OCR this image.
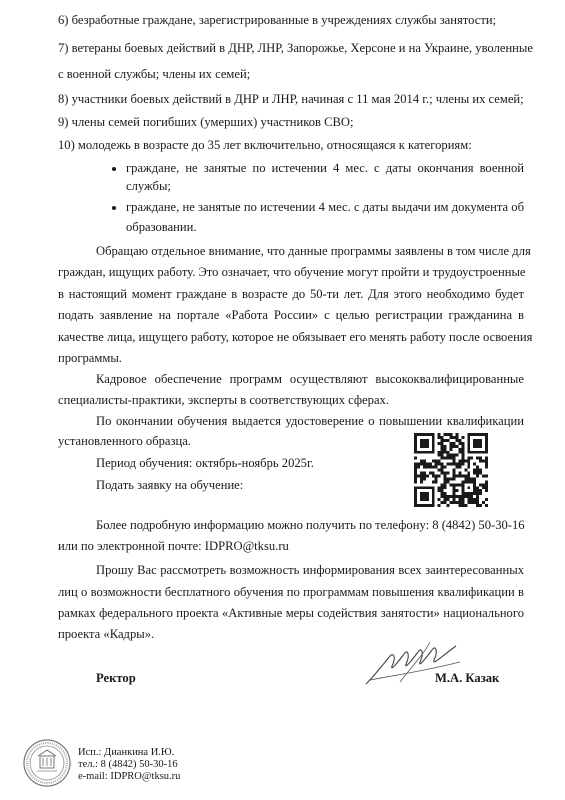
6) безработные граждане, зарегистрированные в учреждениях службы занятости;
7) ветераны боевых действий в ДНР, ЛНР, Запорожье, Херсоне и на Украине, уволенные
с военной службы; члены их семей;
8) участники боевых действий в ДНР и ЛНР, начиная с 11 мая 2014 г.; члены их семей;
9) члены семей погибших (умерших) участников СВО;
10) молодежь в возрасте до 35 лет включительно, относящаяся к категориям:
граждане, не занятые по истечении 4 мес. с даты окончания военной
службы;
граждане, не занятые по истечении 4 мес. с даты выдачи им документа об
образовании.
Обращаю отдельное внимание, что данные программы заявлены в том числе для
граждан, ищущих работу. Это означает, что обучение могут пройти и трудоустроенные
в настоящий момент граждане в возрасте до 50-ти лет. Для этого необходимо будет
подать заявление на портале «Работа России» с целью регистрации гражданина в
качестве лица, ищущего работу, которое не обязывает его менять работу после освоения
программы.
Кадровое обеспечение программ осуществляют высококвалифицированные
специалисты-практики, эксперты в соответствующих сферах.
По окончании обучения выдается удостоверение о повышении квалификации
установленного образца.
Период обучения: октябрь-ноябрь 2025г.
Подать заявку на обучение:
Более подробную информацию можно получить по телефону: 8 (4842) 50-30-16
или по электронной почте: IDPRO@tksu.ru
Прошу Вас рассмотреть возможность информирования всех заинтересованных
лиц о возможности бесплатного обучения по программам повышения квалификации в
рамках федерального проекта «Активные меры содействия занятости» национального
проекта «Кадры».
Ректор	М.А. Казак
Исп.: Дианкина И.Ю.
тел.: 8 (4842) 50-30-16
e-mail: IDPRO@tksu.ru
